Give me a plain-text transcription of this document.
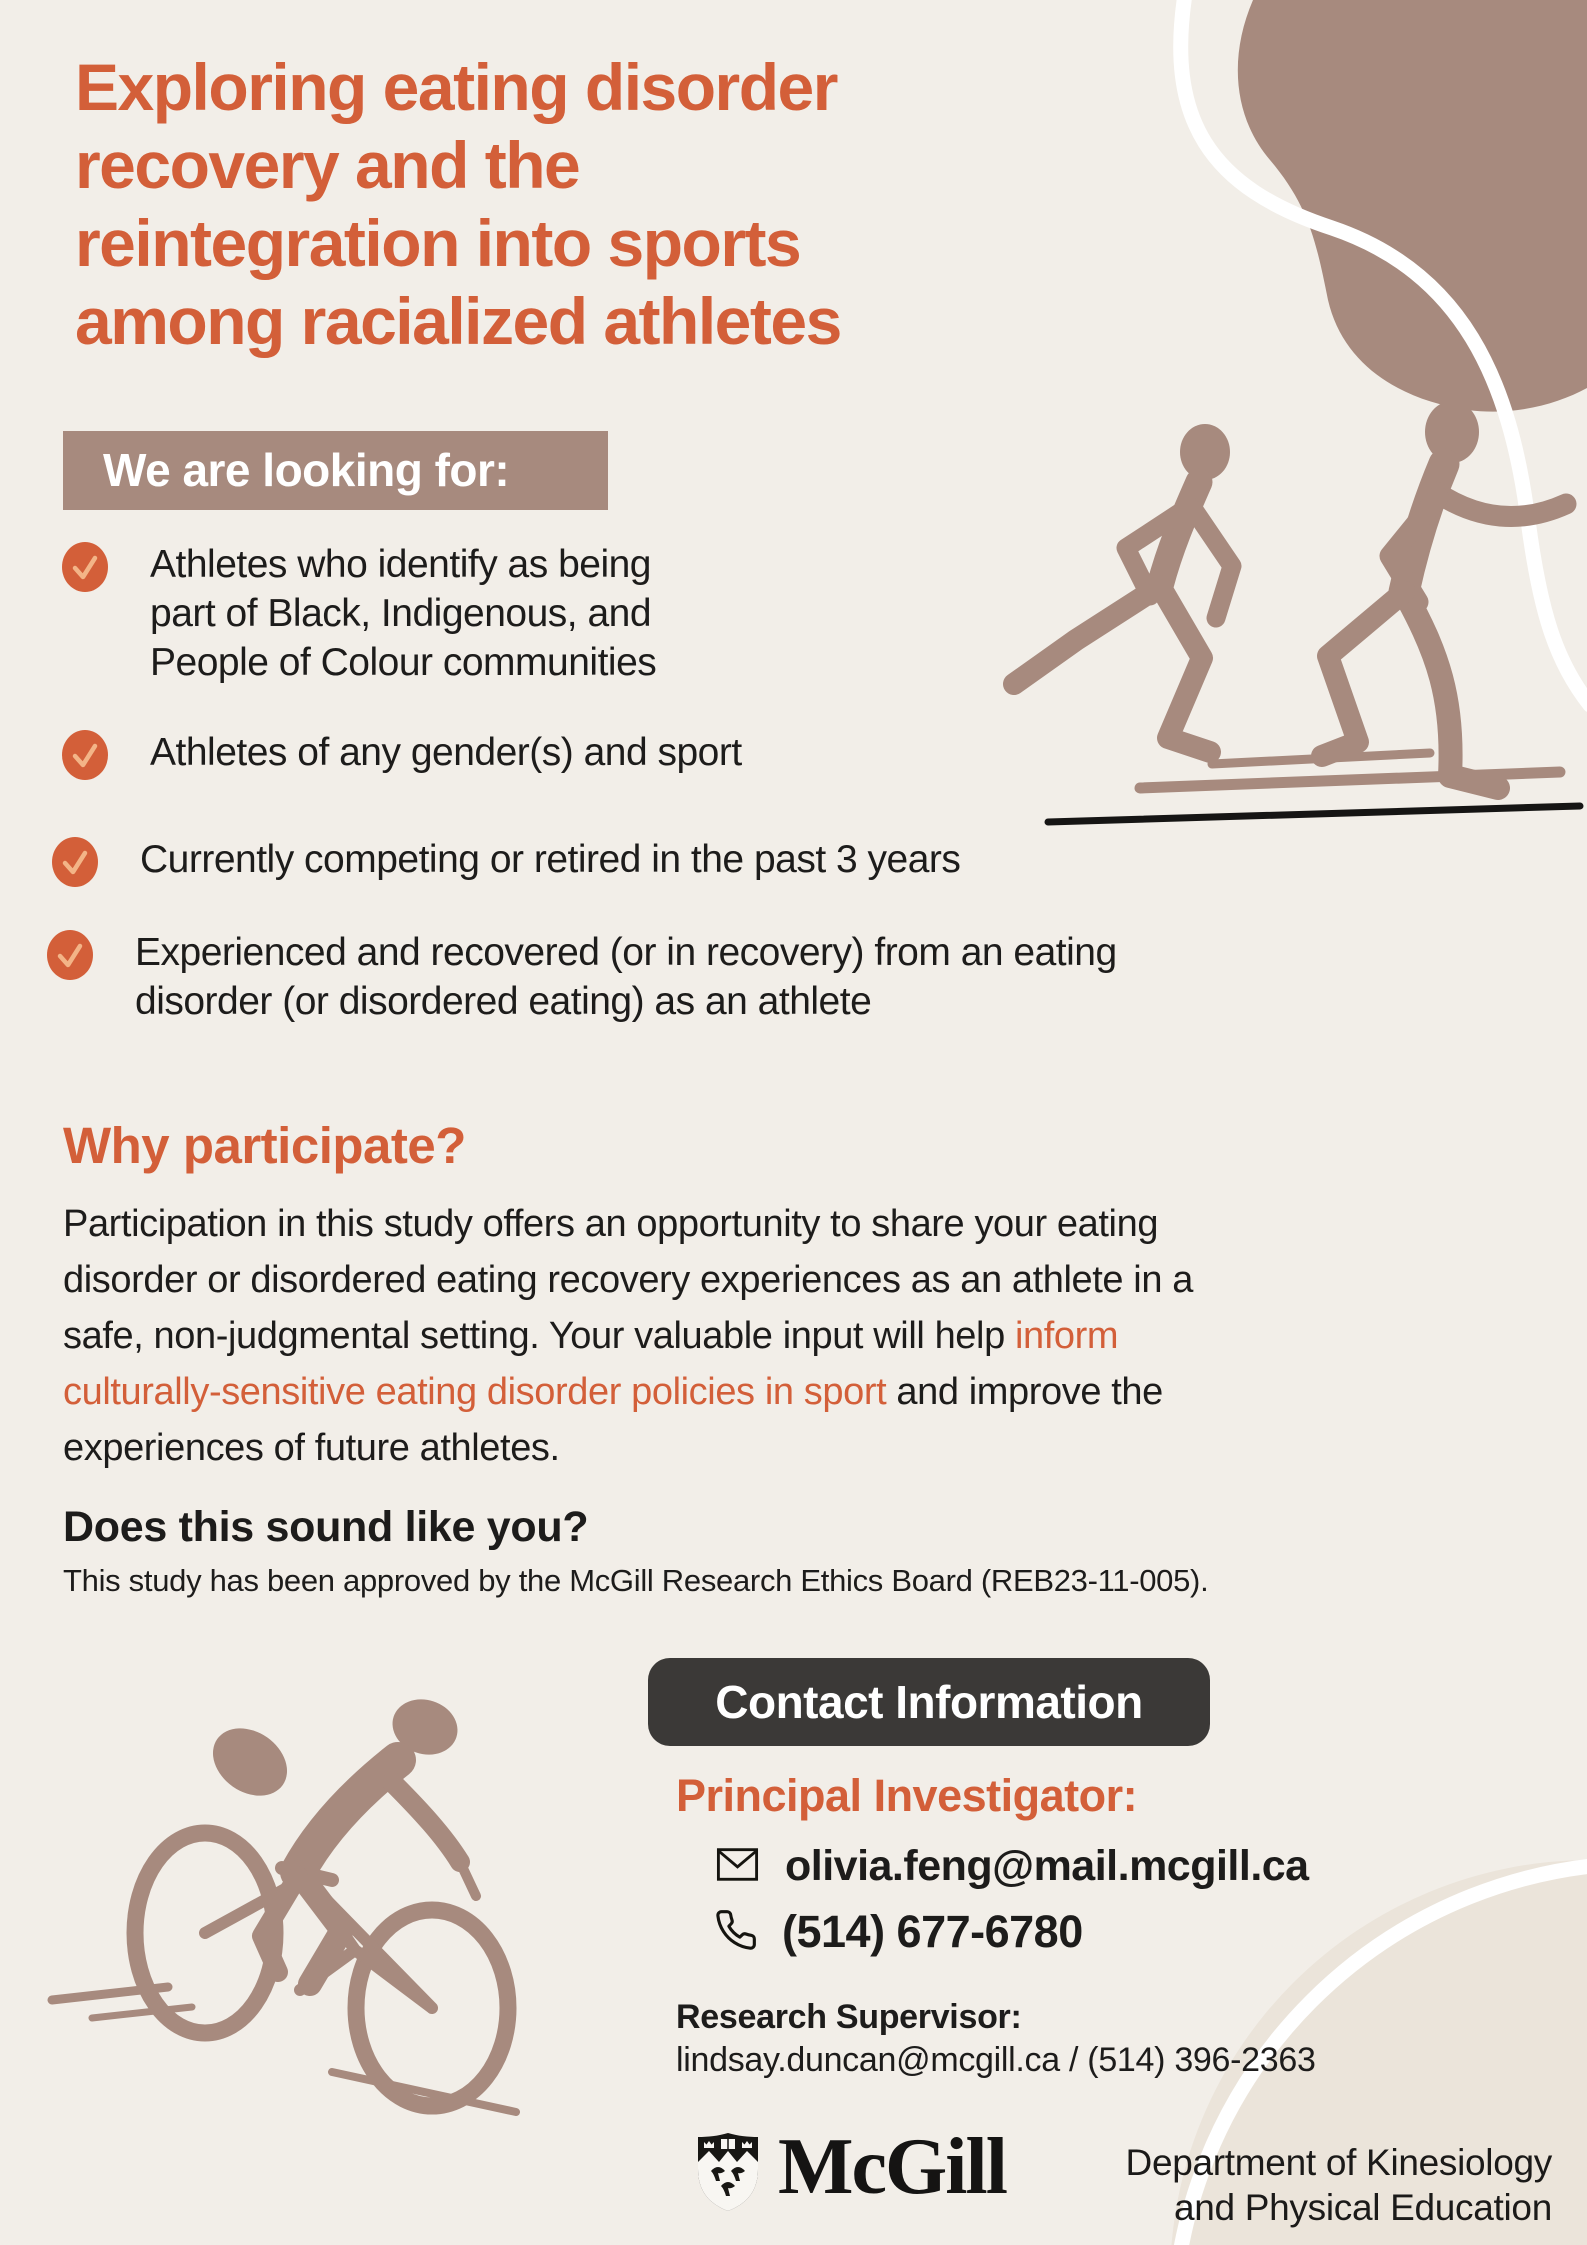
Exploring eating disorder
recovery and the
reintegration into sports
among racialized athletes
We are looking for:
Athletes who identify as being
part of Black, Indigenous, and
People of Colour communities
Athletes of any gender(s) and sport
Currently competing or retired in the past 3 years
Experienced and recovered (or in recovery) from an eating
disorder (or disordered eating) as an athlete
Why participate?

Participation in this study offers an opportunity to share your eating disorder or disordered eating recovery experiences as an athlete in a safe, non-judgmental setting. Your valuable input will help inform culturally-sensitive eating disorder policies in sport and improve the experiences of future athletes.

Does this sound like you?

This study has been approved by the McGill Research Ethics Board (REB23-11-005).

Contact Information
Principal Investigator:
olivia.feng@mail.mcgill.ca
(514) 677-6780
Research Supervisor:
lindsay.duncan@mcgill.ca / (514) 396-2363
McGill	Department of Kinesiology
and Physical Education
